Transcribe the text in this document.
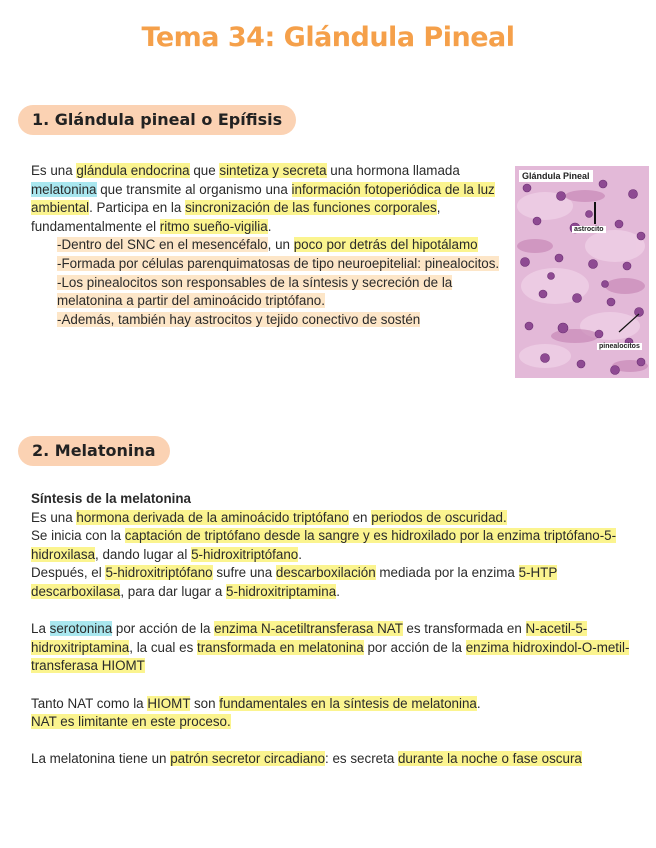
Tema 34: Glándula Pineal
1. Glándula pineal o Epífisis
Es una glándula endocrina que sintetiza y secreta una hormona llamada melatonina que transmite al organismo una información fotoperiódica de la luz ambiental. Participa en la sincronización de las funciones corporales, fundamentalmente el ritmo sueño-vigilia.
-Dentro del SNC en el mesencéfalo, un poco por detrás del hipotálamo
-Formada por células parenquimatosas de tipo neuroepitelial: pinealocitos.
-Los pinealocitos son responsables de la síntesis y secreción de la melatonina a partir del aminoácido triptófano.
-Además, también hay astrocitos y tejido conectivo de sostén
Glándula Pineal
astrocito
pinealocitos
2. Melatonina
Síntesis de la melatonina
Es una hormona derivada de la aminoácido triptófano en periodos de oscuridad.
Se inicia con la captación de triptófano desde la sangre y es hidroxilado por la enzima triptófano-5-hidroxilasa, dando lugar al 5-hidroxitriptófano.
Después, el 5-hidroxitriptófano sufre una descarboxilación mediada por la enzima 5-HTP descarboxilasa, para dar lugar a 5-hidroxitriptamina.
La serotonina por acción de la enzima N-acetiltransferasa NAT es transformada en N-acetil-5-hidroxitriptamina, la cual es transformada en melatonina por acción de la enzima hidroxindol-O-metil-transferasa HIOMT
Tanto NAT como la HIOMT son fundamentales en la síntesis de melatonina.
NAT es limitante en este proceso.
La melatonina tiene un patrón secretor circadiano: es secreta durante la noche o fase oscura
